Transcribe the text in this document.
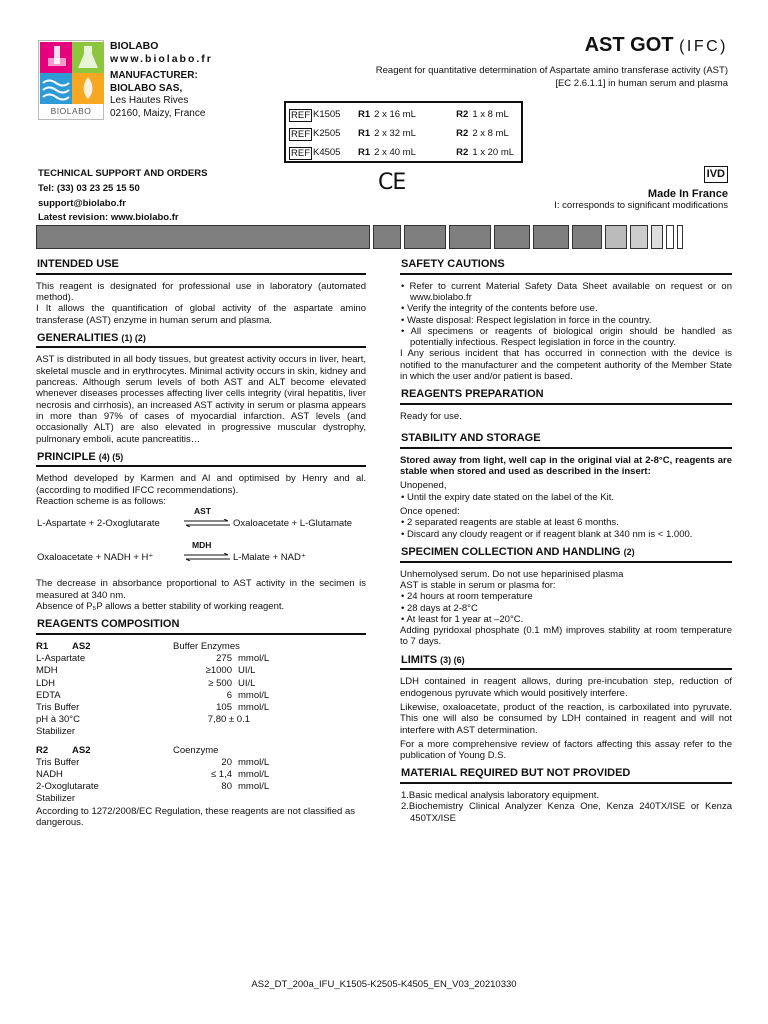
BIOLABO
BIOLABO
www.biolabo.fr
MANUFACTURER:
BIOLABO SAS,
Les Hautes Rives
02160, Maizy, France
AST GOT (IFC)
Reagent for quantitative determination of Aspartate amino transferase activity (AST)
[EC 2.6.1.1] in human serum and plasma
REF K1505	R1 2 x 16 mL	R2 1 x 8 mL
REF K2505	R1 2 x 32 mL	R2 2 x 8 mL
REF K4505	R1 2 x 40 mL	R2 1 x 20 mL
TECHNICAL SUPPORT AND ORDERS
Tel: (33) 03 23 25 15 50
support@biolabo.fr
Latest revision: www.biolabo.fr
CE	IVD
Made In France
I: corresponds to significant modifications
INTENDED USE
This reagent is designated for professional use in laboratory (automated method).
I It allows the quantification of global activity of the aspartate amino transferase (AST) enzyme in human serum and plasma.
GENERALITIES (1) (2)
AST is distributed in all body tissues, but greatest activity occurs in liver, heart, skeletal muscle and in erythrocytes. Minimal activity occurs in skin, kidney and pancreas. Although serum levels of both AST and ALT become elevated whenever diseases processes affecting liver cells integrity (viral hepatitis, liver necrosis and cirrhosis), an increased AST activity in serum or plasma appears in more than 97% of cases of myocardial infarction. AST levels (and occasionally ALT) are also elevated in progressive muscular dystrophy, pulmonary emboli, acute pancreatitis…
PRINCIPLE (4) (5)
Method developed by Karmen and Al and optimised by Henry and al. (according to modified IFCC recommendations).
Reaction scheme is as follows:
L-Aspartate + 2-Oxoglutarate
AST
Oxaloacetate + L-Glutamate
Oxaloacetate + NADH + H⁺
MDH
L-Malate + NAD⁺
The decrease in absorbance proportional to AST activity in the secimen is measured at 340 nm.
Absence of P₅P allows a better stability of working reagent.
REAGENTS COMPOSITION
R1	AS2	Buffer Enzymes
L-Aspartate	275 mmol/L
MDH	≥1000 UI/L
LDH	≥ 500 UI/L
EDTA	6 mmol/L
Tris Buffer	105 mmol/L
pH à 30°C	7,80 ± 0.1
Stabilizer
R2	AS2	Coenzyme
Tris Buffer	20 mmol/L
NADH	≤ 1,4 mmol/L
2-Oxoglutarate	80 mmol/L
Stabilizer
According to 1272/2008/EC Regulation, these reagents are not classified as dangerous.
SAFETY CAUTIONS
• Refer to current Material Safety Data Sheet available on request or on www.biolabo.fr
• Verify the integrity of the contents before use.
• Waste disposal: Respect legislation in force in the country.
• All specimens or reagents of biological origin should be handled as potentially infectious. Respect legislation in force in the country.
I Any serious incident that has occurred in connection with the device is notified to the manufacturer and the competent authority of the Member State in which the user and/or patient is based.
REAGENTS PREPARATION
Ready for use.
STABILITY AND STORAGE
Stored away from light, well cap in the original vial at 2-8°C, reagents are stable when stored and used as described in the insert:
Unopened,
• Until the expiry date stated on the label of the Kit.
Once opened:
• 2 separated reagents are stable at least 6 months.
• Discard any cloudy reagent or if reagent blank at 340 nm is < 1.000.
SPECIMEN COLLECTION AND HANDLING (2)
Unhemolysed serum. Do not use heparinised plasma
AST is stable in serum or plasma for:
• 24 hours at room temperature
• 28 days at 2-8°C
• At least for 1 year at –20°C.
Adding pyridoxal phosphate (0.1 mM) improves stability at room temperature to 7 days.
LIMITS (3) (6)
LDH contained in reagent allows, during pre-incubation step, reduction of endogenous pyruvate which would positively interfere.
Likewise, oxaloacetate, product of the reaction, is carboxilated into pyruvate. This one will also be consumed by LDH contained in reagent and will not interfere with AST determination.
For a more comprehensive review of factors affecting this assay refer to the publication of Young D.S.
MATERIAL REQUIRED BUT NOT PROVIDED
1.Basic medical analysis laboratory equipment.
2.Biochemistry Clinical Analyzer Kenza One, Kenza 240TX/ISE or Kenza 450TX/ISE
AS2_DT_200a_IFU_K1505-K2505-K4505_EN_V03_20210330
